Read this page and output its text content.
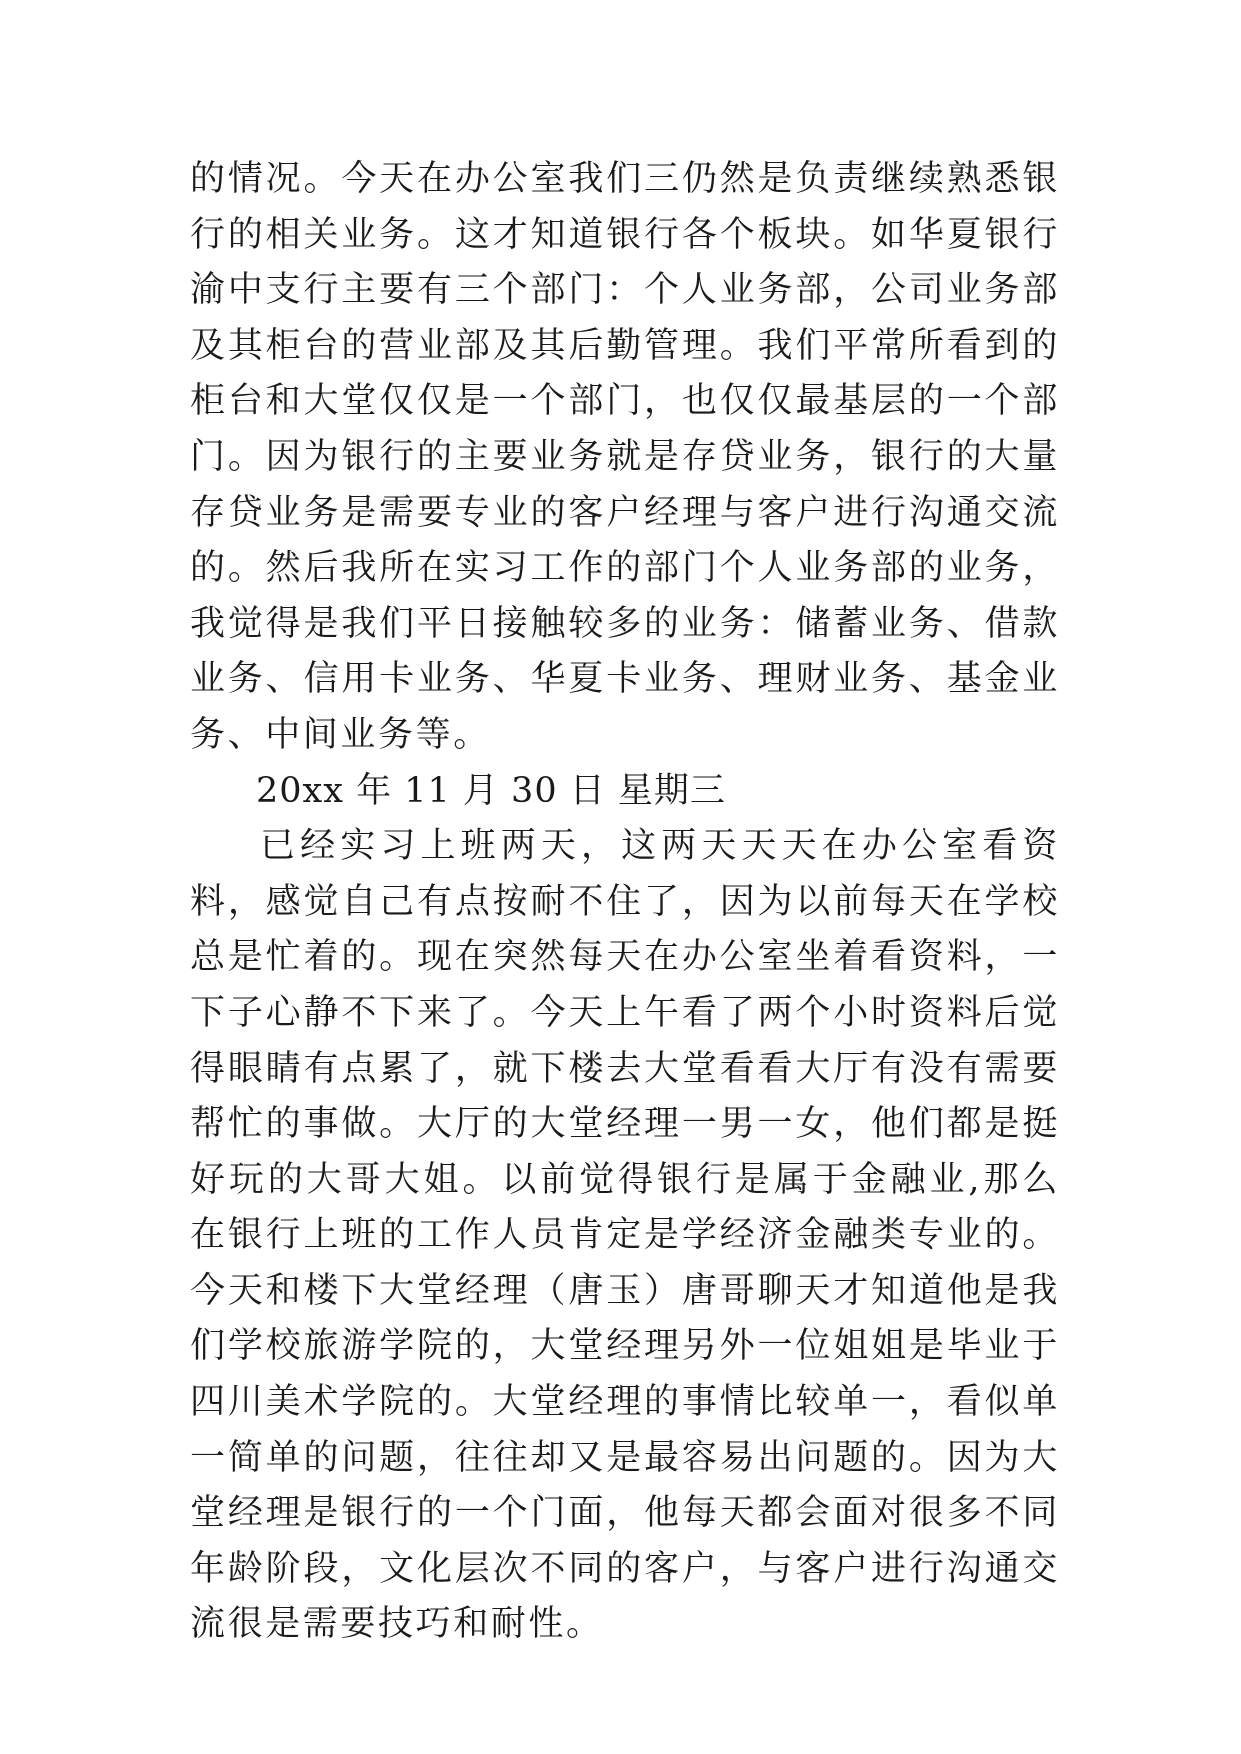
的情况。今天在办公室我们三仍然是负责继续熟悉银行的相关业务。这才知道银行各个板块。如华夏银行渝中支行主要有三个部门：个人业务部，公司业务部及其柜台的营业部及其后勤管理。我们平常所看到的柜台和大堂仅仅是一个部门，也仅仅最基层的一个部门。因为银行的主要业务就是存贷业务，银行的大量存贷业务是需要专业的客户经理与客户进行沟通交流的。然后我所在实习工作的部门个人业务部的业务，我觉得是我们平日接触较多的业务：储蓄业务、借款业务、信用卡业务、华夏卡业务、理财业务、基金业务、中间业务等。

20xx 年 11 月 30 日 星期三

已经实习上班两天，这两天天天在办公室看资料，感觉自己有点按耐不住了，因为以前每天在学校总是忙着的。现在突然每天在办公室坐着看资料，一下子心静不下来了。今天上午看了两个小时资料后觉得眼睛有点累了，就下楼去大堂看看大厅有没有需要帮忙的事做。大厅的大堂经理一男一女，他们都是挺好玩的大哥大姐。以前觉得银行是属于金融业,那么在银行上班的工作人员肯定是学经济金融类专业的。今天和楼下大堂经理（唐玉）唐哥聊天才知道他是我们学校旅游学院的，大堂经理另外一位姐姐是毕业于四川美术学院的。大堂经理的事情比较单一，看似单一简单的问题，往往却又是最容易出问题的。因为大堂经理是银行的一个门面，他每天都会面对很多不同年龄阶段，文化层次不同的客户，与客户进行沟通交流很是需要技巧和耐性。
